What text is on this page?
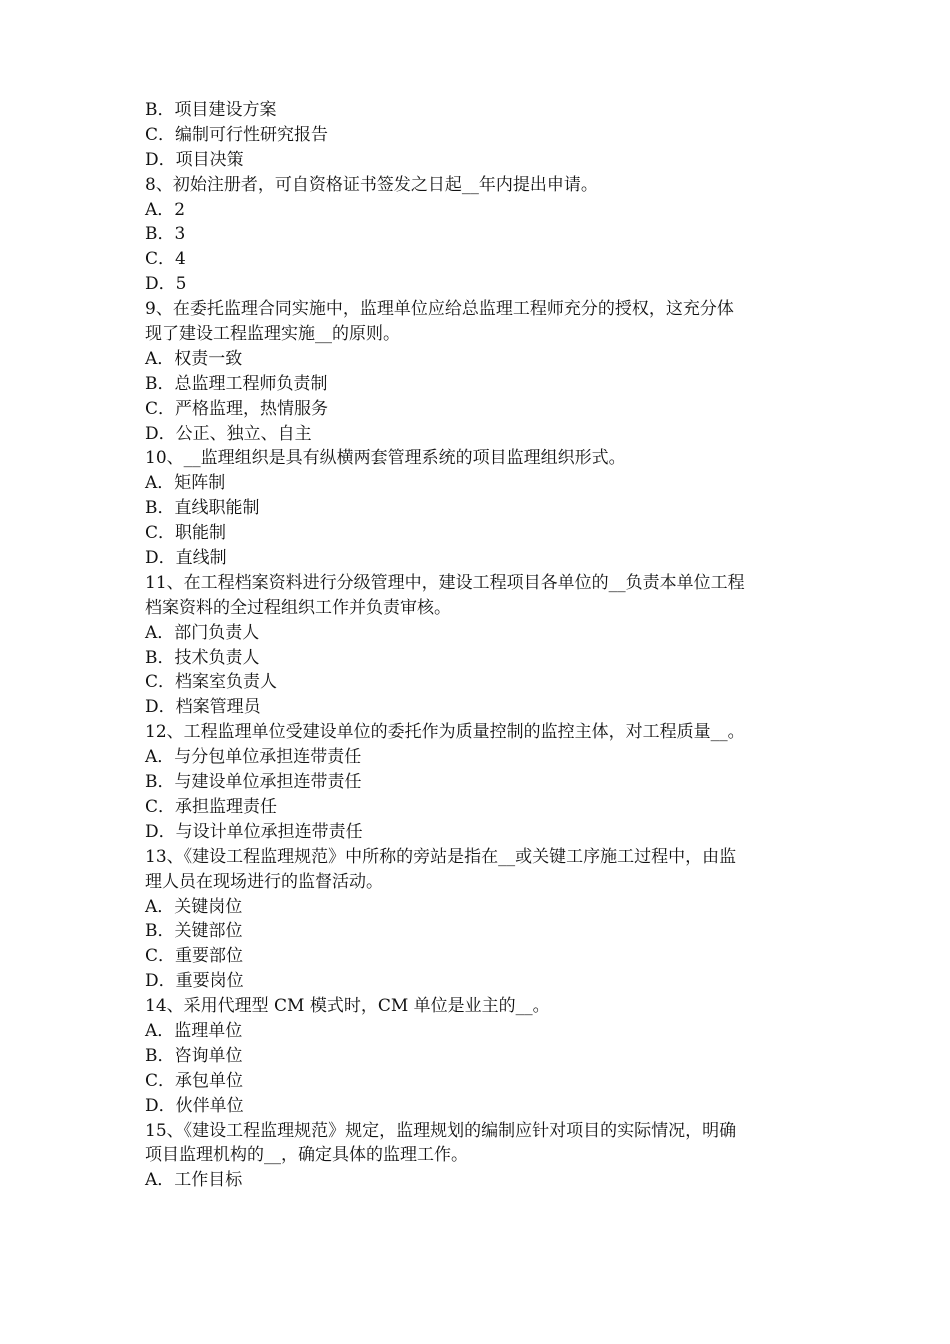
B．项目建设方案
C．编制可行性研究报告
D．项目决策
8、初始注册者，可自资格证书签发之日起__年内提出申请。
A．2
B．3
C．4
D．5
9、在委托监理合同实施中，监理单位应给总监理工程师充分的授权，这充分体
现了建设工程监理实施__的原则。
A．权责一致
B．总监理工程师负责制
C．严格监理，热情服务
D．公正、独立、自主
10、__监理组织是具有纵横两套管理系统的项目监理组织形式。
A．矩阵制
B．直线职能制
C．职能制
D．直线制
11、在工程档案资料进行分级管理中，建设工程项目各单位的__负责本单位工程
档案资料的全过程组织工作并负责审核。
A．部门负责人
B．技术负责人
C．档案室负责人
D．档案管理员
12、工程监理单位受建设单位的委托作为质量控制的监控主体，对工程质量__。
A．与分包单位承担连带责任
B．与建设单位承担连带责任
C．承担监理责任
D．与设计单位承担连带责任
13、《建设工程监理规范》中所称的旁站是指在__或关键工序施工过程中，由监
理人员在现场进行的监督活动。
A．关键岗位
B．关键部位
C．重要部位
D．重要岗位
14、采用代理型 CM 模式时，CM 单位是业主的__。
A．监理单位
B．咨询单位
C．承包单位
D．伙伴单位
15、《建设工程监理规范》规定，监理规划的编制应针对项目的实际情况，明确
项目监理机构的__，确定具体的监理工作。
A．工作目标
